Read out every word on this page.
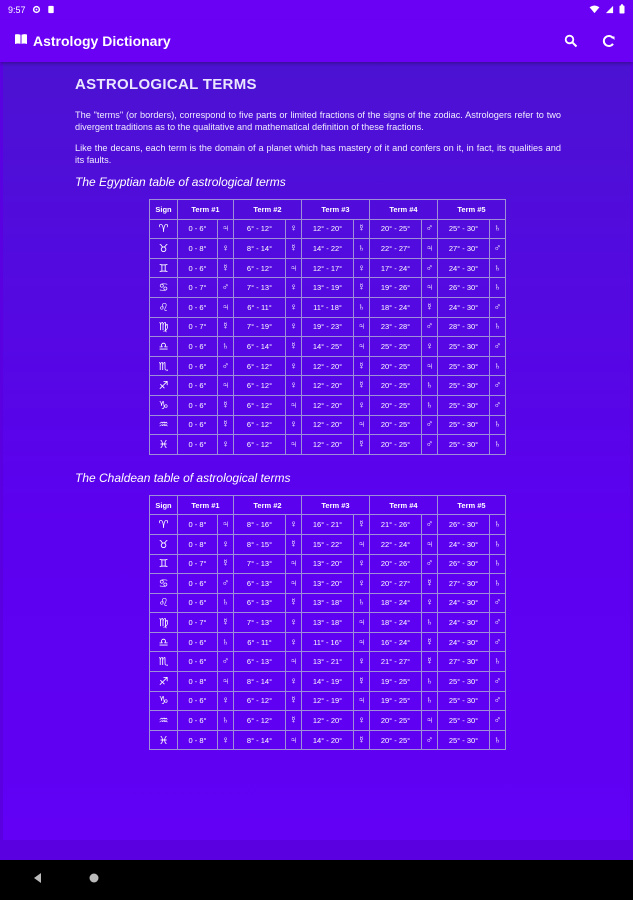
9:57
Astrology Dictionary
ASTROLOGICAL TERMS

The "terms" (or borders), correspond to five parts or limited fractions of the signs of the zodiac. Astrologers refer to two divergent traditions as to the qualitative and mathematical definition of these fractions.

Like the decans, each term is the domain of a planet which has mastery of it and confers on it, in fact, its qualities and its faults.

The Egyptian table of astrological terms
Sign	Term #1		Term #2		Term #3		Term #4		Term #5	
♈	0 - 6°	♃	6° - 12°	♀	12° - 20°	☿	20° - 25°	♂	25° - 30°	♄
♉	0 - 8°	♀	8° - 14°	☿	14° - 22°	♄	22° - 27°	♃	27° - 30°	♂
♊	0 - 6°	☿	6° - 12°	♃	12° - 17°	♀	17° - 24°	♂	24° - 30°	♄
♋	0 - 7°	♂	7° - 13°	♀	13° - 19°	☿	19° - 26°	♃	26° - 30°	♄
♌	0 - 6°	♃	6° - 11°	♀	11° - 18°	♄	18° - 24°	☿	24° - 30°	♂
♍	0 - 7°	☿	7° - 19°	♀	19° - 23°	♃	23° - 28°	♂	28° - 30°	♄
♎	0 - 6°	♄	6° - 14°	☿	14° - 25°	♃	25° - 25°	♀	25° - 30°	♂
♏	0 - 6°	♂	6° - 12°	♀	12° - 20°	☿	20° - 25°	♃	25° - 30°	♄
♐	0 - 6°	♃	6° - 12°	♀	12° - 20°	☿	20° - 25°	♄	25° - 30°	♂
♑	0 - 6°	☿	6° - 12°	♃	12° - 20°	♀	20° - 25°	♄	25° - 30°	♂
♒	0 - 6°	☿	6° - 12°	♀	12° - 20°	♃	20° - 25°	♂	25° - 30°	♄
♓	0 - 6°	♀	6° - 12°	♃	12° - 20°	☿	20° - 25°	♂	25° - 30°	♄
The Chaldean table of astrological terms
Sign	Term #1		Term #2		Term #3		Term #4		Term #5	
♈	0 - 8°	♃	8° - 16°	♀	16° - 21°	☿	21° - 26°	♂	26° - 30°	♄
♉	0 - 8°	♀	8° - 15°	☿	15° - 22°	♃	22° - 24°	♃	24° - 30°	♄
♊	0 - 7°	☿	7° - 13°	♃	13° - 20°	♀	20° - 26°	♂	26° - 30°	♄
♋	0 - 6°	♂	6° - 13°	♃	13° - 20°	♀	20° - 27°	☿	27° - 30°	♄
♌	0 - 6°	♄	6° - 13°	☿	13° - 18°	♄	18° - 24°	♀	24° - 30°	♂
♍	0 - 7°	☿	7° - 13°	♀	13° - 18°	♃	18° - 24°	♄	24° - 30°	♂
♎	0 - 6°	♄	6° - 11°	♀	11° - 16°	♃	16° - 24°	☿	24° - 30°	♂
♏	0 - 6°	♂	6° - 13°	♃	13° - 21°	♀	21° - 27°	☿	27° - 30°	♄
♐	0 - 8°	♃	8° - 14°	♀	14° - 19°	☿	19° - 25°	♄	25° - 30°	♂
♑	0 - 6°	♀	6° - 12°	☿	12° - 19°	♃	19° - 25°	♄	25° - 30°	♂
♒	0 - 6°	♄	6° - 12°	☿	12° - 20°	♀	20° - 25°	♃	25° - 30°	♂
♓	0 - 8°	♀	8° - 14°	♃	14° - 20°	☿	20° - 25°	♂	25° - 30°	♄
